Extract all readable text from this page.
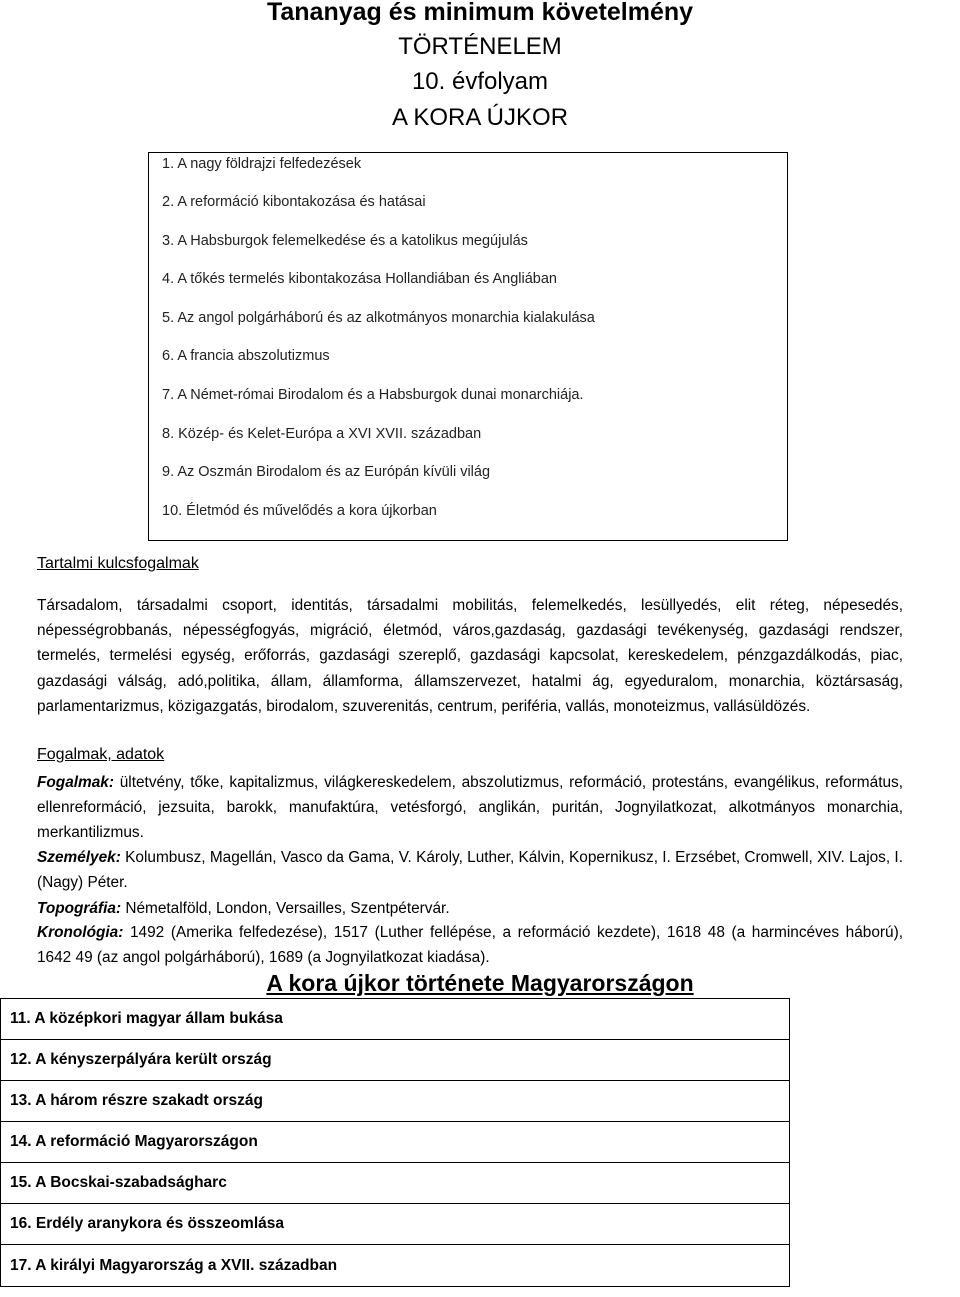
Tananyag és minimum követelmény
TÖRTÉNELEM
10. évfolyam
A KORA ÚJKOR
1. A nagy földrajzi felfedezések
2. A reformáció kibontakozása és hatásai
3. A Habsburgok felemelkedése és a katolikus megújulás
4. A tőkés termelés kibontakozása Hollandiában és Angliában
5. Az angol polgárháború és az alkotmányos monarchia kialakulása
6. A francia abszolutizmus
7. A Német-római Birodalom és a Habsburgok dunai monarchiája.
8. Közép- és Kelet-Európa a XVI XVII. században
9. Az Oszmán Birodalom és az Európán kívüli világ
10. Életmód és művelődés a kora újkorban
Tartalmi kulcsfogalmak
Társadalom, társadalmi csoport, identitás, társadalmi mobilitás, felemelkedés, lesüllyedés, elit réteg, népesedés, népességrobbanás, népességfogyás, migráció, életmód, város,gazdaság, gazdasági tevékenység, gazdasági rendszer, termelés, termelési egység, erőforrás, gazdasági szereplő, gazdasági kapcsolat, kereskedelem, pénzgazdálkodás, piac, gazdasági válság, adó,politika, állam, államforma, államszervezet, hatalmi ág, egyeduralom, monarchia, köztársaság, parlamentarizmus, közigazgatás, birodalom, szuverenitás, centrum, periféria, vallás, monoteizmus, vallásüldözés.
Fogalmak, adatok
Fogalmak: ültetvény, tőke, kapitalizmus, világkereskedelem, abszolutizmus, reformáció, protestáns, evangélikus, református, ellenreformáció, jezsuita, barokk, manufaktúra, vetésforgó, anglikán, puritán, Jognyilatkozat, alkotmányos monarchia, merkantilizmus.
Személyek: Kolumbusz, Magellán, Vasco da Gama, V. Károly, Luther, Kálvin, Kopernikusz, I. Erzsébet, Cromwell, XIV. Lajos, I. (Nagy) Péter.
Topográfia: Németalföld, London, Versailles, Szentpétervár.
Kronológia: 1492 (Amerika felfedezése), 1517 (Luther fellépése, a reformáció kezdete), 1618 48 (a harmincéves háború), 1642 49 (az angol polgárháború), 1689 (a Jognyilatkozat kiadása).
A kora újkor története Magyarországon
11. A középkori magyar állam bukása
12. A kényszerpályára került ország
13. A három részre szakadt ország
14. A reformáció Magyarországon
15. A Bocskai-szabadságharc
16. Erdély aranykora és összeomlása
17. A királyi Magyarország a XVII. században
